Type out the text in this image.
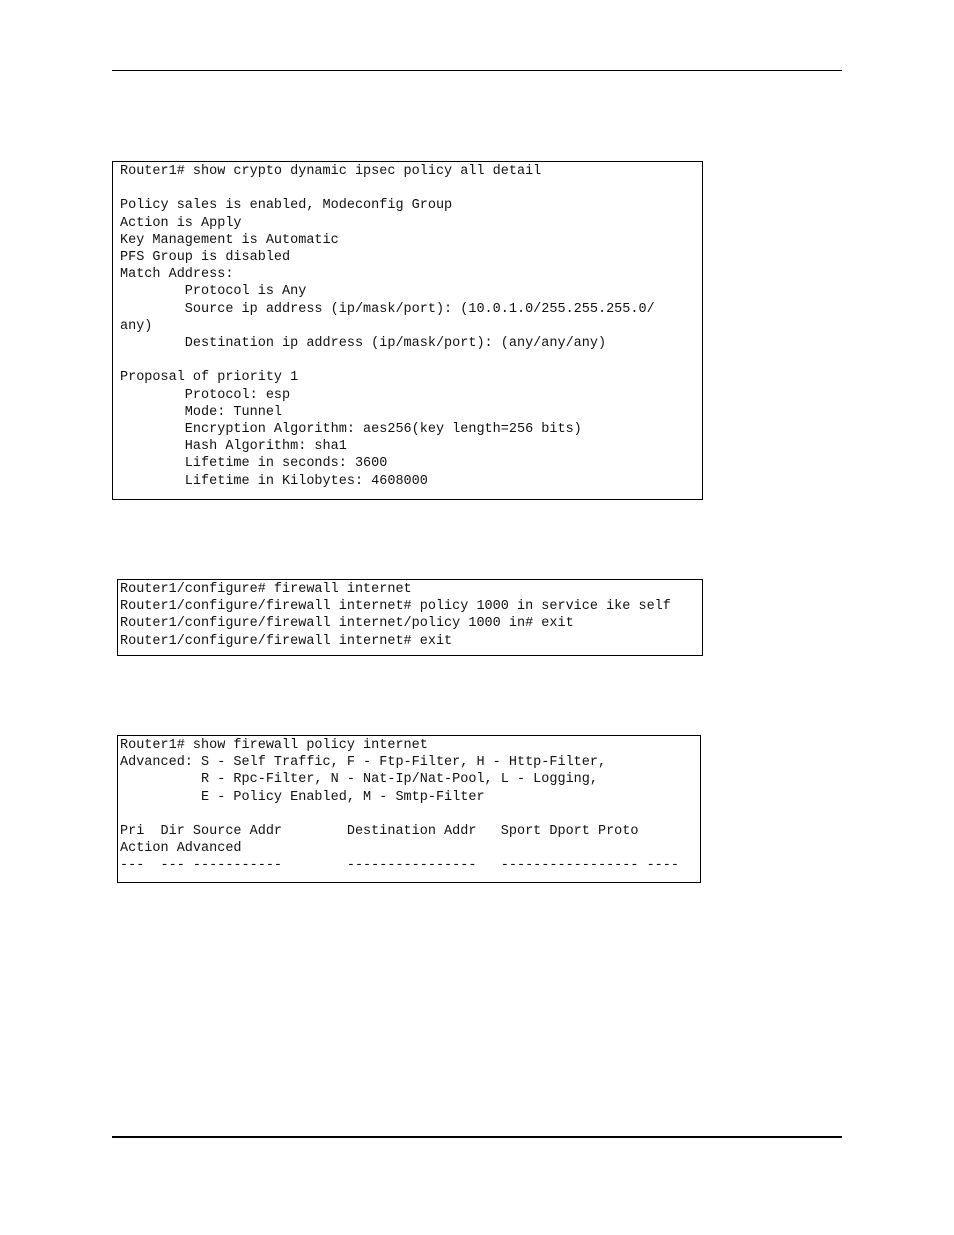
Router1# show crypto dynamic ipsec policy all detail

Policy sales is enabled, Modeconfig Group
Action is Apply
Key Management is Automatic
PFS Group is disabled
Match Address:
Protocol is Any
Source ip address (ip/mask/port): (10.0.1.0/255.255.255.0/
any)
Destination ip address (ip/mask/port): (any/any/any)

Proposal of priority 1
Protocol: esp
Mode: Tunnel
Encryption Algorithm: aes256(key length=256 bits)
Hash Algorithm: sha1
Lifetime in seconds: 3600
Lifetime in Kilobytes: 4608000
Router1/configure# firewall internet
Router1/configure/firewall internet# policy 1000 in service ike self
Router1/configure/firewall internet/policy 1000 in# exit
Router1/configure/firewall internet# exit
Router1# show firewall policy internet
Advanced: S - Self Traffic, F - Ftp-Filter, H - Http-Filter,
R - Rpc-Filter, N - Nat-Ip/Nat-Pool, L - Logging,
E - Policy Enabled, M - Smtp-Filter

Pri  Dir Source Addr        Destination Addr   Sport Dport Proto
Action Advanced
---  --- -----------        ----------------   ----------------- ----
